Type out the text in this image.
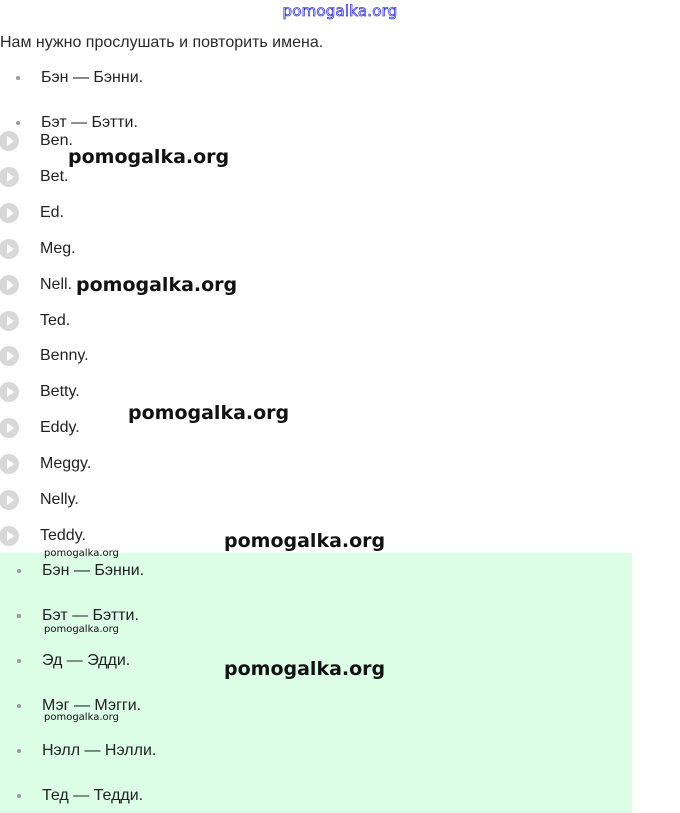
pomogalka.org
Нам нужно прослушать и повторить имена.
Бэн — Бэнни.
Бэт — Бэтти.
Ben.
Bet.
Ed.
Meg.
Nell.
Ted.
Benny.
Betty.
Eddy.
Meggy.
Nelly.
Teddy.
Бэн — Бэнни.
Бэт — Бэтти.
Эд — Эдди.
Мэг — Мэгги.
Нэлл — Нэлли.
Тед — Тедди.
pomogalka.org
pomogalka.org
pomogalka.org
pomogalka.org
pomogalka.org
pomogalka.org
pomogalka.org
pomogalka.org
